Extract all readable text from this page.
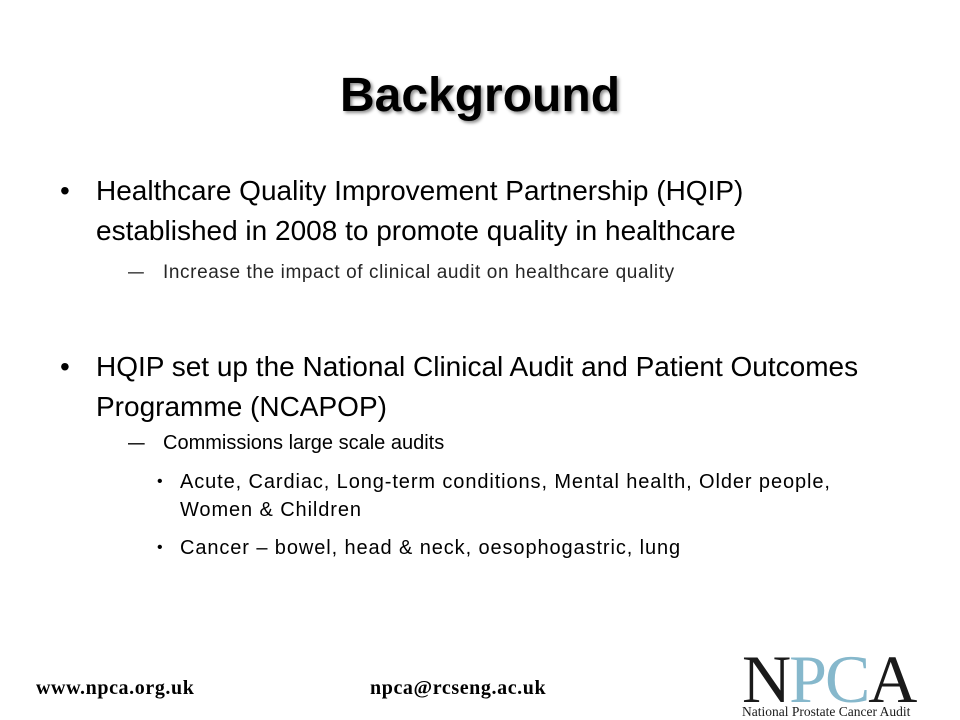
Background
• Healthcare Quality Improvement Partnership (HQIP)
established in 2008 to promote quality in healthcare
– Increase the impact of clinical audit on healthcare quality
• HQIP set up the National Clinical Audit and Patient Outcomes
Programme (NCAPOP)
– Commissions large scale audits
• Acute, Cardiac, Long-term conditions, Mental health, Older people,
Women & Children
• Cancer – bowel, head & neck, oesophogastric, lung
www.npca.org.uk	npca@rcseng.ac.uk	NPCA
National Prostate Cancer Audit
